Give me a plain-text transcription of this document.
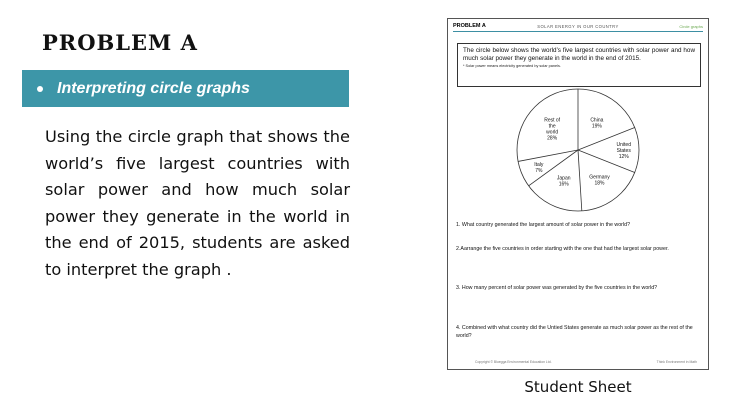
PROBLEM A
Interpreting circle graphs

Using the circle graph that shows the world’s five largest countries with solar power and how much solar power they generate in the world in the end of 2015, students are asked to interpret the graph .

PROBLEM A	SOLAR ENERGY IN OUR COUNTRY	Circle graphs
The circle below shows the world’s five largest countries with solar power and how much solar power they generate in the world in the end of 2015.
* Solar power means electricity generated by solar panels.
China 19%
United States 12%
Germany 18%
Japan 16%
Italy 7%
Rest of the world 28%
1. What country generated the largest amount of solar power in the world?
2.Aarrange the five countries in order starting with the one that had the largest solar power.
3. How many percent of solar power was generated by the five countries in the world?
4. Combined with what country did the Untied States generate as much solar power as the rest of the world?
Copyright © Bluegga Environmental Education Ltd.	Think Environment in Math
Student Sheet
